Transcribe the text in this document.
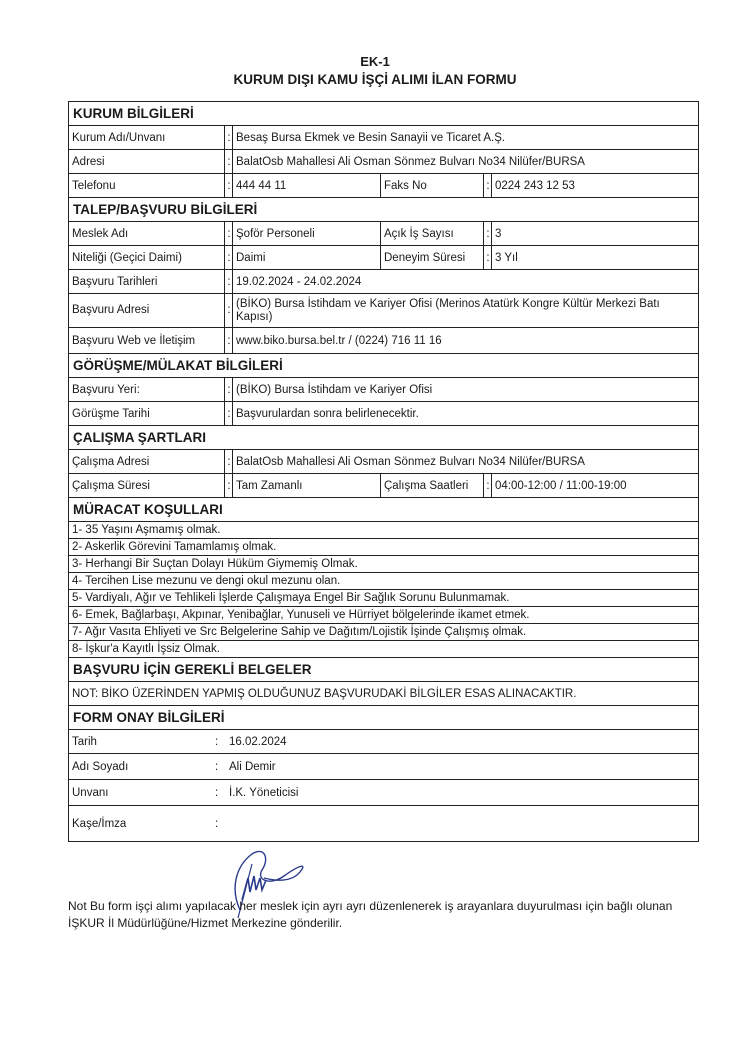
EK-1
KURUM DIŞI KAMU İŞÇİ ALIMI İLAN FORMU
KURUM BİLGİLERİ
Kurum Adı/Unvanı	: Besaş Bursa Ekmek ve Besin Sanayii ve Ticaret A.Ş.
Adresi	: BalatOsb Mahallesi Ali Osman Sönmez Bulvarı No34 Nilüfer/BURSA
Telefonu	: 444 44 11	Faks No	: 0224 243 12 53
TALEP/BAŞVURU BİLGİLERİ
Meslek Adı	: Şoför Personeli	Açık İş Sayısı	: 3
Niteliği (Geçici Daimi)	: Daimi	Deneyim Süresi	: 3 Yıl
Başvuru Tarihleri	: 19.02.2024 - 24.02.2024
Başvuru Adresi	:
(BİKO) Bursa İstihdam ve Kariyer Ofisi (Merinos Atatürk Kongre Kültür Merkezi Batı Kapısı)
Başvuru Web ve İletişim	: www.biko.bursa.bel.tr / (0224) 716 11 16
GÖRÜŞME/MÜLAKAT BİLGİLERİ
Başvuru Yeri:	: (BİKO) Bursa İstihdam ve Kariyer Ofisi
Görüşme Tarihi	: Başvurulardan sonra belirlenecektir.
ÇALIŞMA ŞARTLARI
Çalışma Adresi	: BalatOsb Mahallesi Ali Osman Sönmez Bulvarı No34 Nilüfer/BURSA
Çalışma Süresi	: Tam Zamanlı	Çalışma Saatleri	: 04:00-12:00 / 11:00-19:00
MÜRACAT KOŞULLARI
1- 35 Yaşını Aşmamış olmak.
2- Askerlik Görevini Tamamlamış olmak.
3- Herhangi Bir Suçtan Dolayı Hüküm Giymemiş Olmak.
4- Tercihen Lise mezunu ve dengi okul mezunu olan.
5- Vardiyalı, Ağır ve Tehlikeli İşlerde Çalışmaya Engel Bir Sağlık Sorunu Bulunmamak.
6- Emek, Bağlarbaşı, Akpınar, Yenibağlar, Yunuseli ve Hürriyet bölgelerinde ikamet etmek.
7- Ağır Vasıta Ehliyeti ve Src Belgelerine Sahip ve Dağıtım/Lojistik İşinde Çalışmış olmak.
8- İşkur'a Kayıtlı İşsiz Olmak.
BAŞVURU İÇİN GEREKLİ BELGELER
NOT: BİKO ÜZERİNDEN YAPMIŞ OLDUĞUNUZ BAŞVURUDAKİ BİLGİLER ESAS ALINACAKTIR.
FORM ONAY BİLGİLERİ
Tarih	: 16.02.2024
Adı Soyadı	: Ali Demir
Unvanı	: İ.K. Yöneticisi
Kaşe/İmza	:
Not Bu form işçi alımı yapılacak her meslek için ayrı ayrı düzenlenerek iş arayanlara duyurulması için bağlı olunan
İŞKUR İl Müdürlüğüne/Hizmet Merkezine gönderilir.
